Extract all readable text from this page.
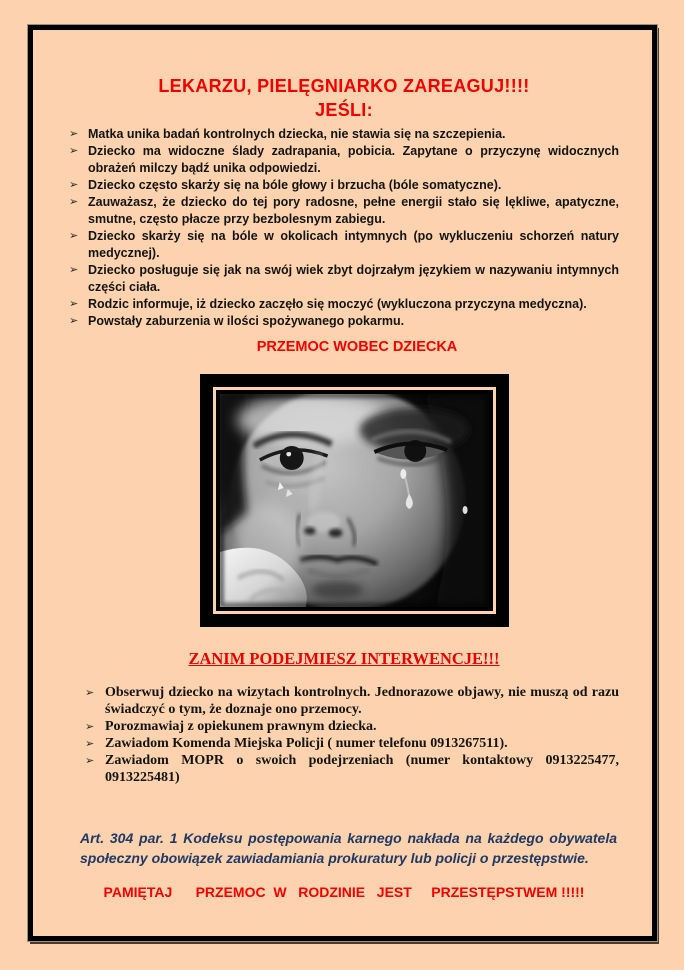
LEKARZU, PIELĘGNIARKO ZAREAGUJ!!!!
JEŚLI:
➢ Matka unika badań kontrolnych dziecka, nie stawia się na szczepienia.
➢ Dziecko ma widoczne ślady zadrapania, pobicia. Zapytane o przyczynę widocznych obrażeń milczy bądź unika odpowiedzi.
➢ Dziecko często skarży się na bóle głowy i brzucha (bóle somatyczne).
➢ Zauważasz, że dziecko do tej pory radosne, pełne energii stało się lękliwe, apatyczne, smutne, często płacze przy bezbolesnym zabiegu.
➢ Dziecko skarży się na bóle w okolicach intymnych (po wykluczeniu schorzeń natury medycznej).
➢ Dziecko posługuje się jak na swój wiek zbyt dojrzałym językiem w nazywaniu intymnych części ciała.
➢ Rodzic informuje, iż dziecko zaczęło się moczyć (wykluczona przyczyna medyczna).
➢ Powstały zaburzenia w ilości spożywanego pokarmu.
PRZEMOC WOBEC DZIECKA
ZANIM PODEJMIESZ INTERWENCJE!!!
➢ Obserwuj dziecko na wizytach kontrolnych. Jednorazowe objawy, nie muszą od razu świadczyć o tym, że doznaje ono przemocy.
➢ Porozmawiaj z opiekunem prawnym dziecka.
➢ Zawiadom Komenda Miejska Policji ( numer telefonu 0913267511).
➢ Zawiadom MOPR o swoich podejrzeniach (numer kontaktowy 0913225477, 0913225481)

Art. 304 par. 1 Kodeksu postępowania karnego nakłada na każdego obywatela społeczny obowiązek zawiadamiania prokuratury lub policji o przestępstwie.

PAMIĘTAJ      PRZEMOC  W   RODZINIE   JEST     PRZESTĘPSTWEM !!!!!
